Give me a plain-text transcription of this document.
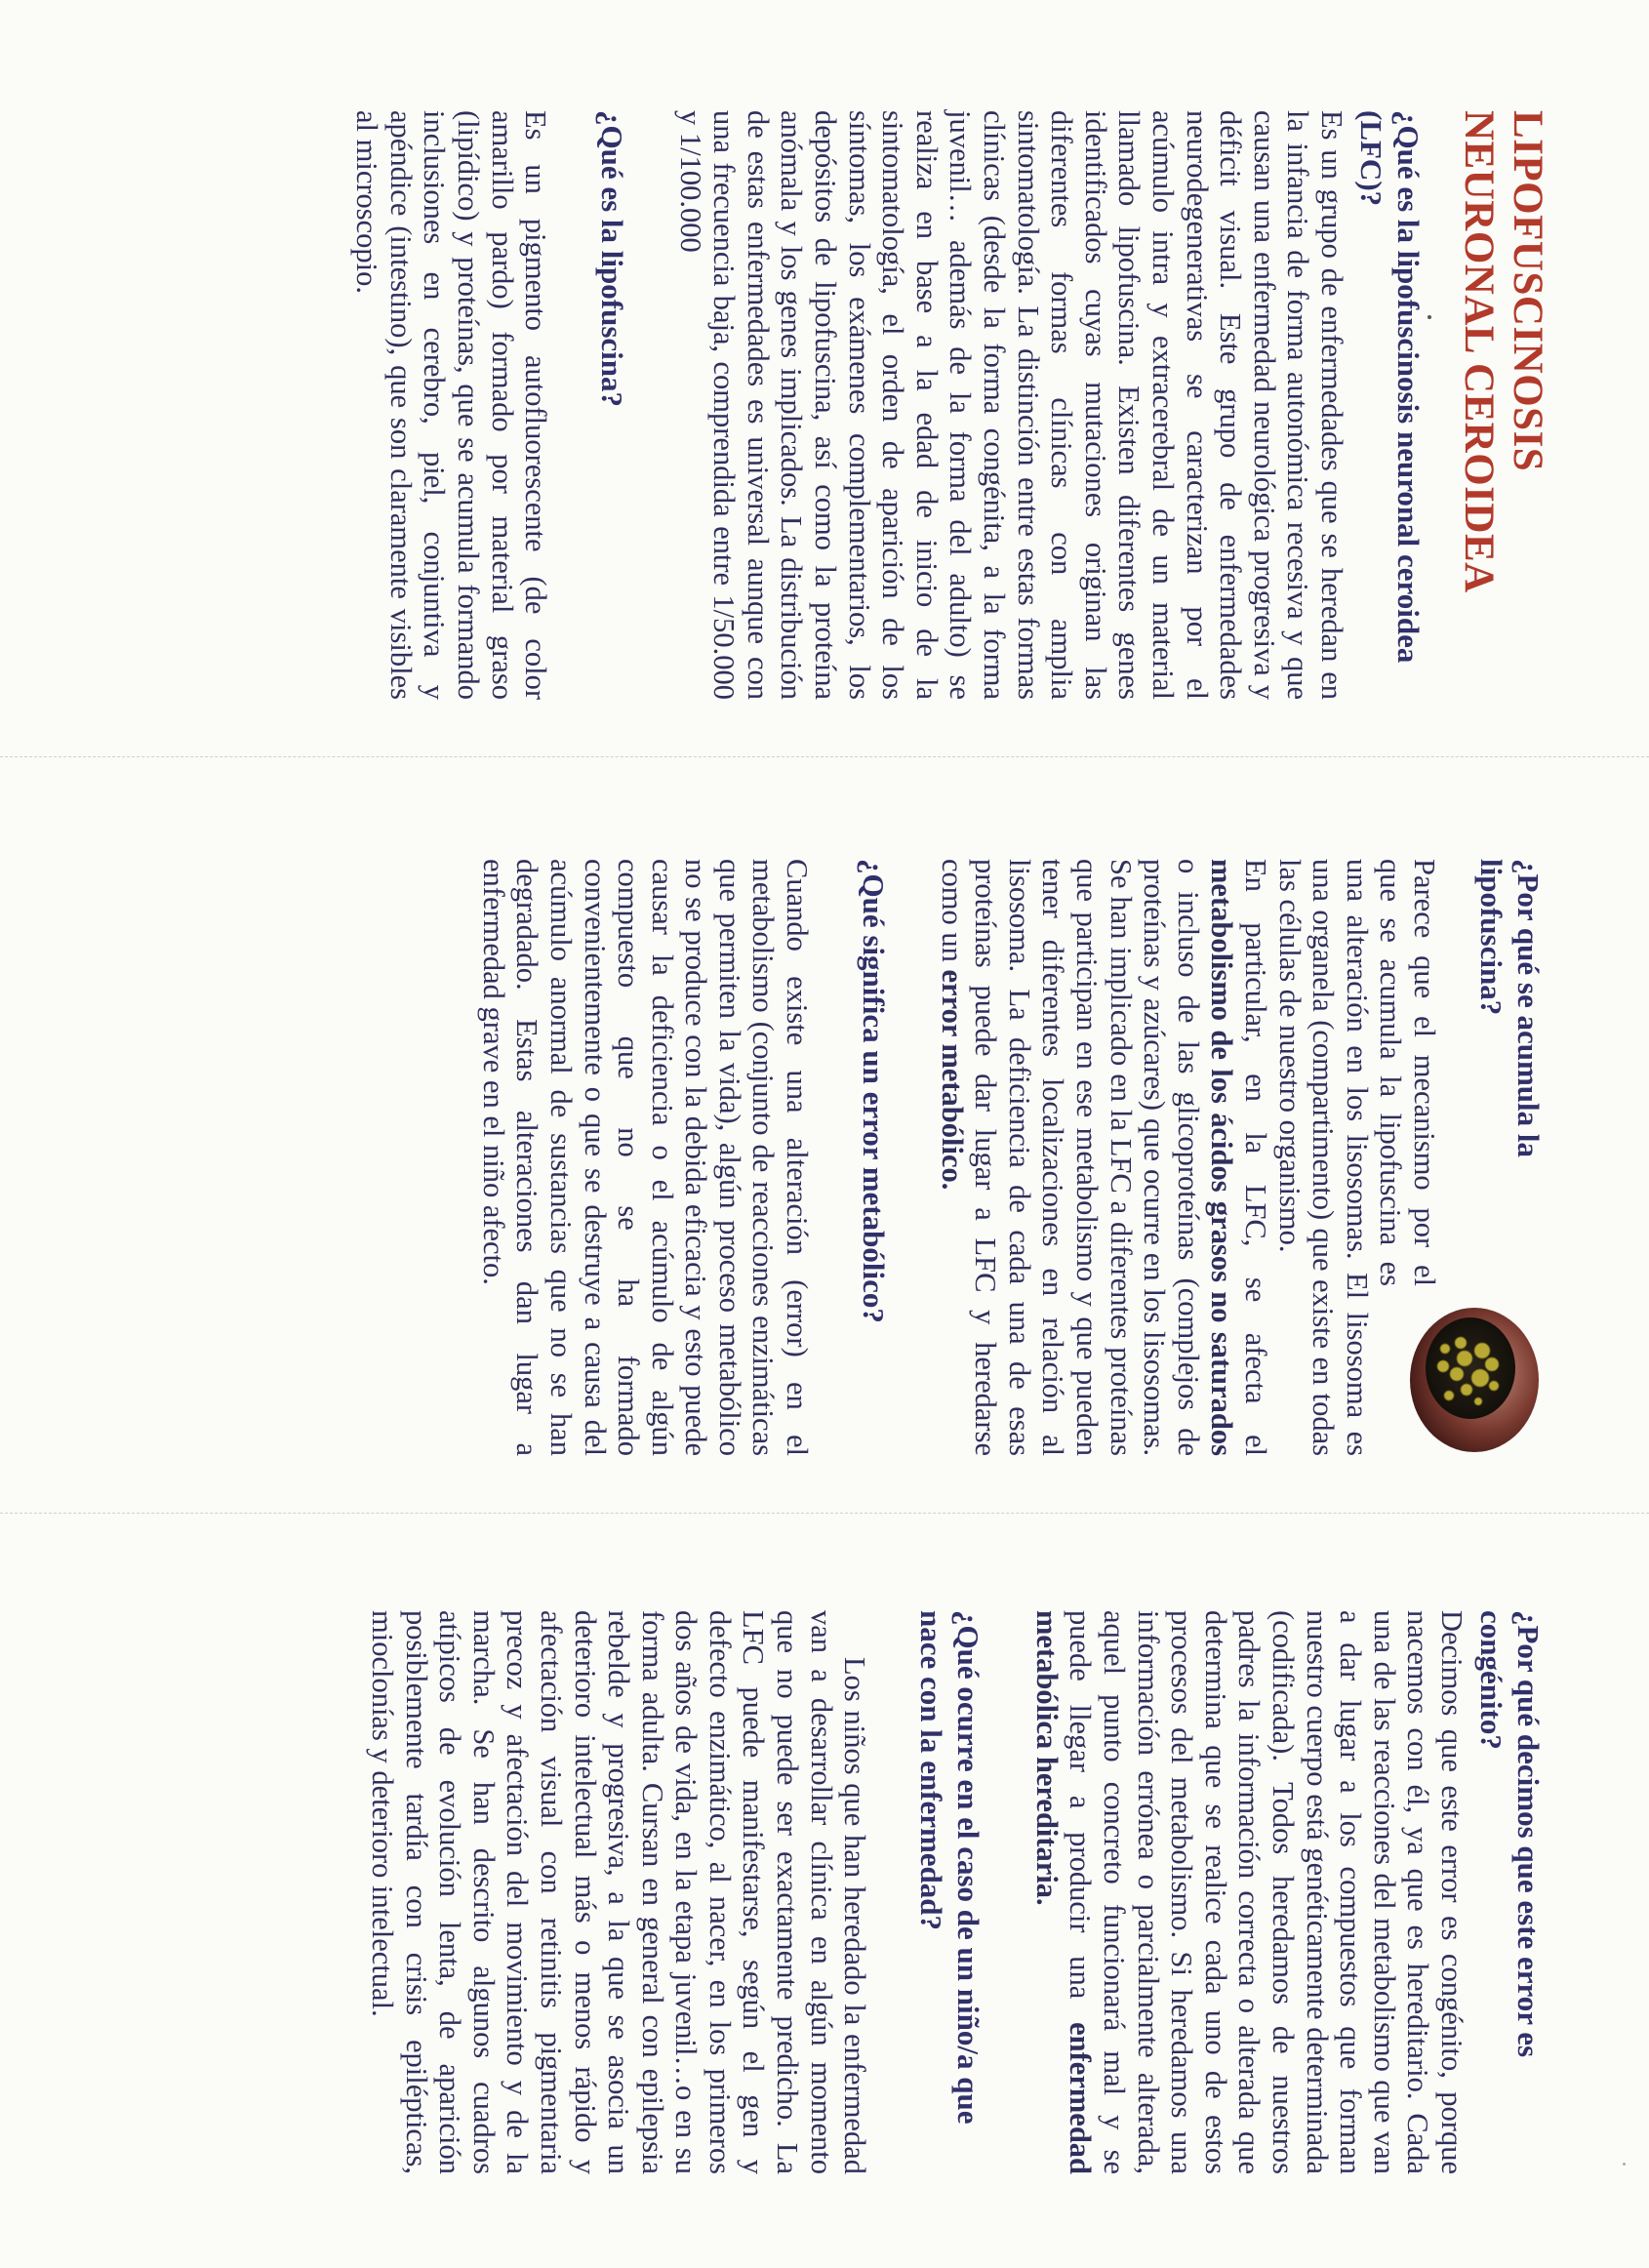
LIPOFUSCINOSIS NEURONAL CEROIDEA
¿Qué es la lipofuscinosis neuronal ceroidea (LFC)?

Es un grupo de enfermedades que se heredan en la infancia de forma autonómica recesiva y que causan una enfermedad neurológica progresiva y déficit visual. Este grupo de enfermedades neurodegenerativas se caracterizan por el acúmulo intra y extracerebral de un material llamado lipofuscina. Existen diferentes genes identificados cuyas mutaciones originan las diferentes formas clínicas con amplia sintomatología. La distinción entre estas formas clínicas (desde la forma congénita, a la forma juvenil… además de la forma del adulto) se realiza en base a la edad de inicio de la sintomatología, el orden de aparición de los síntomas, los exámenes complementarios, los depósitos de lipofuscina, así como la proteína anómala y los genes implicados. La distribución de estas enfermedades es universal aunque con una frecuencia baja, comprendida entre 1/50.000 y 1/100.000

¿Qué es la lipofuscina?

Es un pigmento autofluorescente (de color amarillo pardo) formado por material graso (lipídico) y proteínas, que se acumula formando inclusiones en cerebro, piel, conjuntiva y apéndice (intestino), que son claramente visibles al microscopio.

¿Por qué se acumula la lipofuscina?

Parece que el mecanismo por el que se acumula la lipofuscina es una alteración en los lisosomas. El lisosoma es una organela (compartimento) que existe en todas las células de nuestro organismo.

En particular, en la LFC, se afecta el metabolismo de los ácidos grasos no saturados o incluso de las glicoproteínas (complejos de proteínas y azúcares) que ocurre en los lisosomas. Se han implicado en la LFC a diferentes proteínas que participan en ese metabolismo y que pueden tener diferentes localizaciones en relación al lisosoma. La deficiencia de cada una de esas proteínas puede dar lugar a LFC y heredarse como un error metabólico.

¿Qué significa un error metabólico?

Cuando existe una alteración (error) en el metabolismo (conjunto de reacciones enzimáticas que permiten la vida), algún proceso metabólico no se produce con la debida eficacia y esto puede causar la deficiencia o el acúmulo de algún compuesto que no se ha formado convenientemente o que se destruye a causa del acúmulo anormal de sustancias que no se han degradado. Estas alteraciones dan lugar a enfermedad grave en el niño afecto.

¿Por qué decimos que este error es congénito?

Decimos que este error es congénito, porque nacemos con él, ya que es hereditario. Cada una de las reacciones del metabolismo que van a dar lugar a los compuestos que forman nuestro cuerpo está genéticamente determinada (codificada). Todos heredamos de nuestros padres la información correcta o alterada que determina que se realice cada uno de estos procesos del metabolismo. Si heredamos una información errónea o parcialmente alterada, aquel punto concreto funcionará mal y se puede llegar a producir una enfermedad metabólica hereditaria.

¿Qué ocurre en el caso de un niño/a que nace con la enfermedad?

Los niños que han heredado la enfermedad van a desarrollar clínica en algún momento que no puede ser exactamente predicho. La LFC puede manifestarse, según el gen y defecto enzimático, al nacer, en los primeros dos años de vida, en la etapa juvenil…o en su forma adulta. Cursan en general con epilepsia rebelde y progresiva, a la que se asocia un deterioro intelectual más o menos rápido y afectación visual con retinitis pigmentaria precoz y afectación del movimiento y de la marcha. Se han descrito algunos cuadros atípicos de evolución lenta, de aparición posiblemente tardía con crisis epilépticas, mioclonías y deterioro intelectual.
